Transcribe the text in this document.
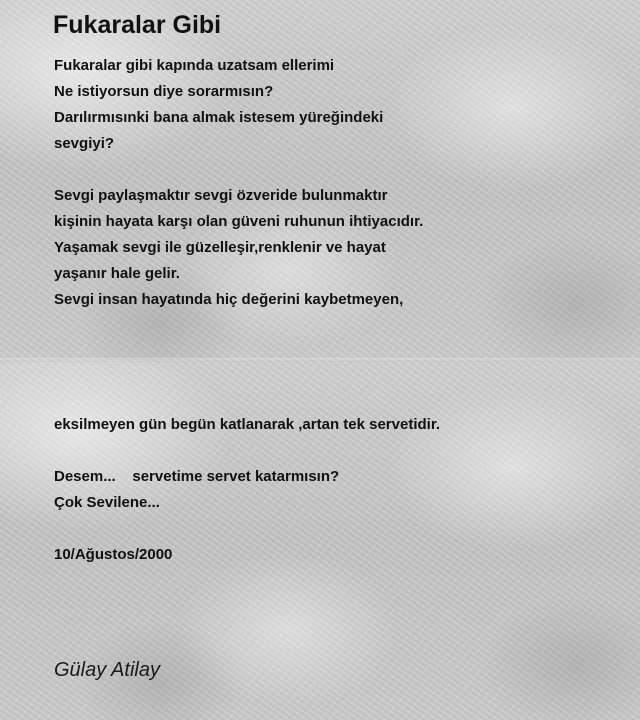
Fukaralar Gibi
Fukaralar gibi kapında uzatsam ellerimi
Ne istiyorsun diye sorarmısın?
Darılırmısınki bana almak istesem yüreğindeki
sevgiyi?
Sevgi paylaşmaktır sevgi özveride bulunmaktır
kişinin hayata karşı olan güveni ruhunun ihtiyacıdır.
Yaşamak sevgi ile güzelleşir,renklenir ve hayat
yaşanır hale gelir.
Sevgi insan hayatında hiç değerini kaybetmeyen,
eksilmeyen gün begün katlanarak ,artan tek servetidir.
Desem...    servetime servet katarmısın?
Çok Sevilene...
10/Ağustos/2000
Gülay Atilay
